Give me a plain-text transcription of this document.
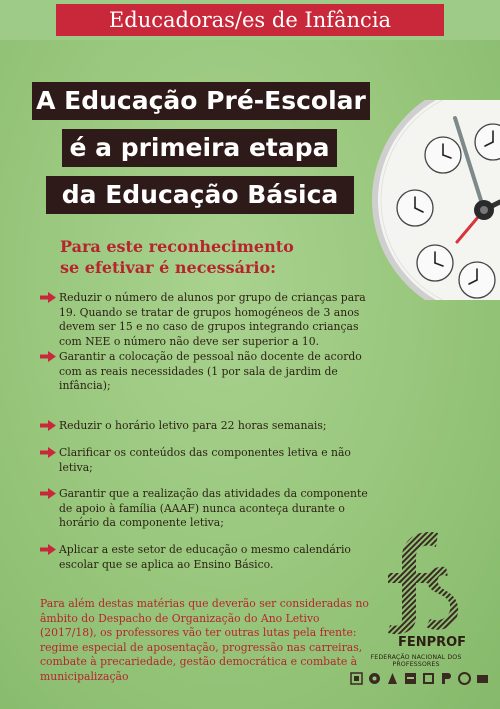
Educadoras/es de Infância
A Educação Pré-Escolar
é a primeira etapa
da Educação Básica
Para este reconhecimento
se efetivar é necessário:
Reduzir o número de alunos por grupo de crianças para 19. Quando se tratar de grupos homogéneos de 3 anos devem ser 15 e no caso de grupos integrando crianças com NEE o número não deve ser superior a 10.
Garantir a colocação de pessoal não docente de acordo com as reais necessidades (1 por sala de jardim de infância);
Reduzir o horário letivo para 22 horas semanais;
Clarificar os conteúdos das componentes letiva e não letiva;
Garantir que a realização das atividades da componente de apoio à família (AAAF) nunca aconteça durante o horário da componente letiva;
Aplicar a este setor de educação o mesmo calendário escolar que se aplica ao Ensino Básico.
Para além destas matérias que deverão ser consideradas no âmbito do Despacho de Organização do Ano Letivo (2017/18), os professores vão ter outras lutas pela frente: regime especial de aposentação, progressão nas carreiras, combate à precariedade, gestão democrática e combate à municipalização
FENPROF
FEDERAÇÃO NACIONAL DOS PROFESSORES
